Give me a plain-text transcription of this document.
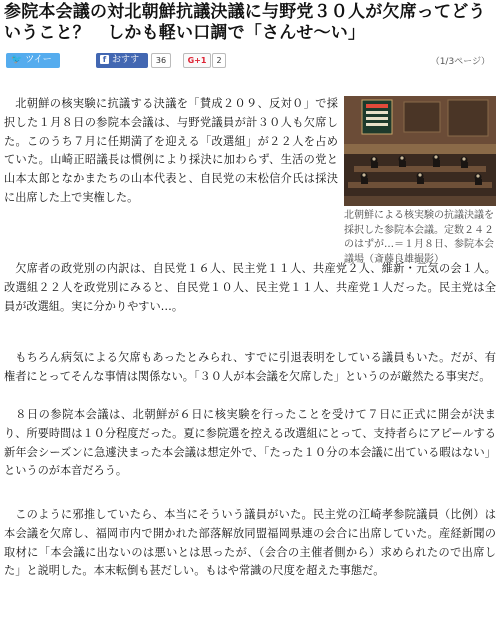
参院本会議の対北朝鮮抗議決議に与野党３０人が欠席ってどういうこと？　しかも軽い口調で「さんせ～い」
🐦 ツイート
f おすすめ
36	G+1	2	（1/3ページ）
北朝鮮の核実験に抗議する決議を「賛成２０９、反対０」で採択した１月８日の参院本会議は、与野党議員が計３０人も欠席した。このうち７月に任期満了を迎える「改選組」が２２人を占めていた。山崎正昭議長は慣例により採決に加わらず、生活の党と山本太郎となかまたちの山本代表と、自民党の末松信介氏は採決に出席した上で実権した。
北朝鮮による核実験の抗議決議を採択した参院本会議。定数２４２のはずが…＝１月８日、参院本会議場（斎藤良雄撮影）
欠席者の政党別の内訳は、自民党１６人、民主党１１人、共産党２人、維新・元気の会１人。改選組２２人を政党別にみると、自民党１０人、民主党１１人、共産党１人だった。民主党は全員が改選組。実に分かりやすい…。
もちろん病気による欠席もあったとみられ、すでに引退表明をしている議員もいた。だが、有権者にとってそんな事情は関係ない。「３０人が本会議を欠席した」というのが厳然たる事実だ。
８日の参院本会議は、北朝鮮が６日に核実験を行ったことを受けて７日に正式に開会が決まり、所要時間は１０分程度だった。夏に参院選を控える改選組にとって、支持者らにアピールする新年会シーズンに急遽決まった本会議は想定外で、「たった１０分の本会議に出ている暇はない」というのが本音だろう。
このように邪推していたら、本当にそういう議員がいた。民主党の江崎孝参院議員（比例）は本会議を欠席し、福岡市内で開かれた部落解放同盟福岡県連の会合に出席していた。産経新聞の取材に「本会議に出ないのは悪いとは思ったが、（会合の主催者側から）求められたので出席した」と説明した。本末転倒も甚だしい。もはや常識の尺度を超えた事態だ。
